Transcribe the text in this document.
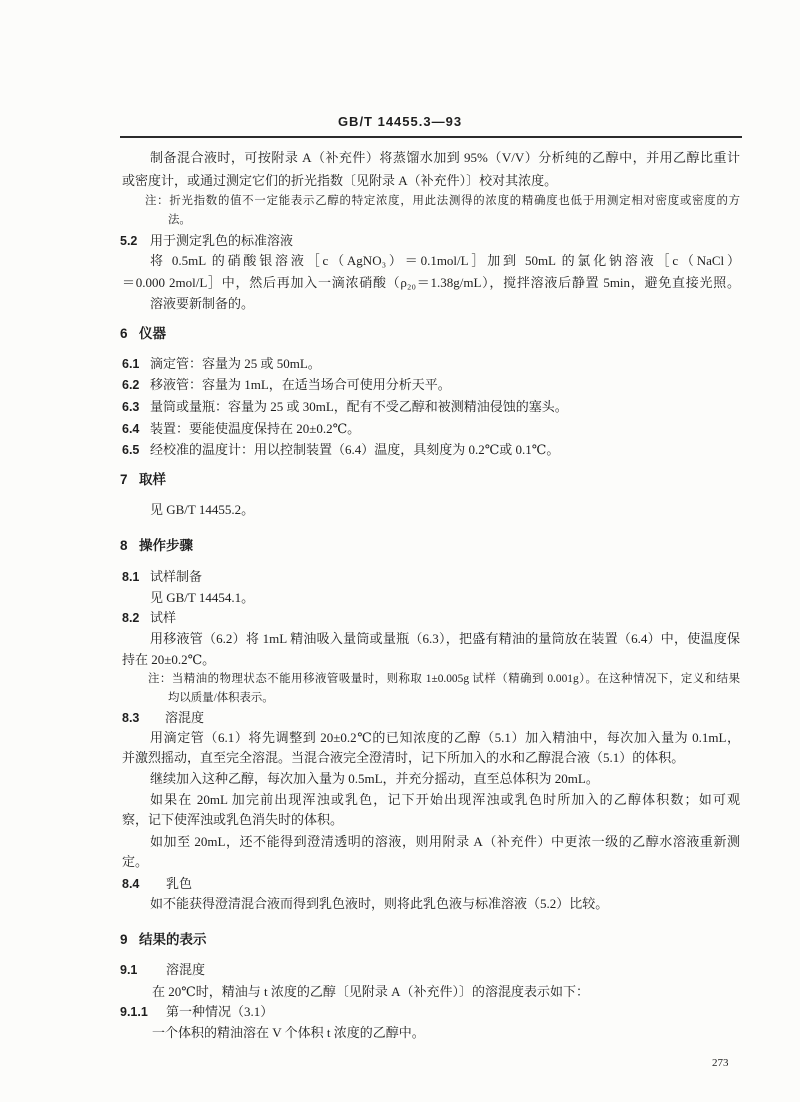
GB/T 14455.3—93
制备混合液时，可按附录 A（补充件）将蒸馏水加到 95%（V/V）分析纯的乙醇中，并用乙醇比重计
或密度计，或通过测定它们的折光指数〔见附录 A（补充件）〕校对其浓度。
注：折光指数的值不一定能表示乙醇的特定浓度，用此法测得的浓度的精确度也低于用测定相对密度或密度的方
法。
5.2 用于测定乳色的标准溶液
将 0.5mL 的硝酸银溶液［c（AgNO₃）＝0.1mol/L］加到 50mL 的氯化钠溶液［c（NaCl）
＝0.000 2mol/L］中，然后再加入一滴浓硝酸（ρ₂₀＝1.38g/mL），搅拌溶液后静置 5min，避免直接光照。
溶液要新制备的。
6 仪器
6.1 滴定管：容量为 25 或 50mL。
6.2 移液管：容量为 1mL，在适当场合可使用分析天平。
6.3 量筒或量瓶：容量为 25 或 30mL，配有不受乙醇和被测精油侵蚀的塞头。
6.4 装置：要能使温度保持在 20±0.2℃。
6.5 经校准的温度计：用以控制装置（6.4）温度，具刻度为 0.2℃或 0.1℃。
7 取样
见 GB/T 14455.2。
8 操作步骤
8.1 试样制备
见 GB/T 14454.1。
8.2 试样
用移液管（6.2）将 1mL 精油吸入量筒或量瓶（6.3），把盛有精油的量筒放在装置（6.4）中，使温度保
持在 20±0.2℃。
注：当精油的物理状态不能用移液管吸量时，则称取 1±0.005g 试样（精确到 0.001g）。在这种情况下，定义和结果
均以质量/体积表示。
8.3 溶混度
用滴定管（6.1）将先调整到 20±0.2℃的已知浓度的乙醇（5.1）加入精油中，每次加入量为 0.1mL，
并激烈摇动，直至完全溶混。当混合液完全澄清时，记下所加入的水和乙醇混合液（5.1）的体积。
继续加入这种乙醇，每次加入量为 0.5mL，并充分摇动，直至总体积为 20mL。
如果在 20mL 加完前出现浑浊或乳色，记下开始出现浑浊或乳色时所加入的乙醇体积数；如可观
察，记下使浑浊或乳色消失时的体积。
如加至 20mL，还不能得到澄清透明的溶液，则用附录 A（补充件）中更浓一级的乙醇水溶液重新测
定。
8.4 乳色
如不能获得澄清混合液而得到乳色液时，则将此乳色液与标准溶液（5.2）比较。
9 结果的表示
9.1 溶混度
在 20℃时，精油与 t 浓度的乙醇〔见附录 A（补充件）〕的溶混度表示如下：
9.1.1 第一种情况（3.1）
一个体积的精油溶在 V 个体积 t 浓度的乙醇中。
273
